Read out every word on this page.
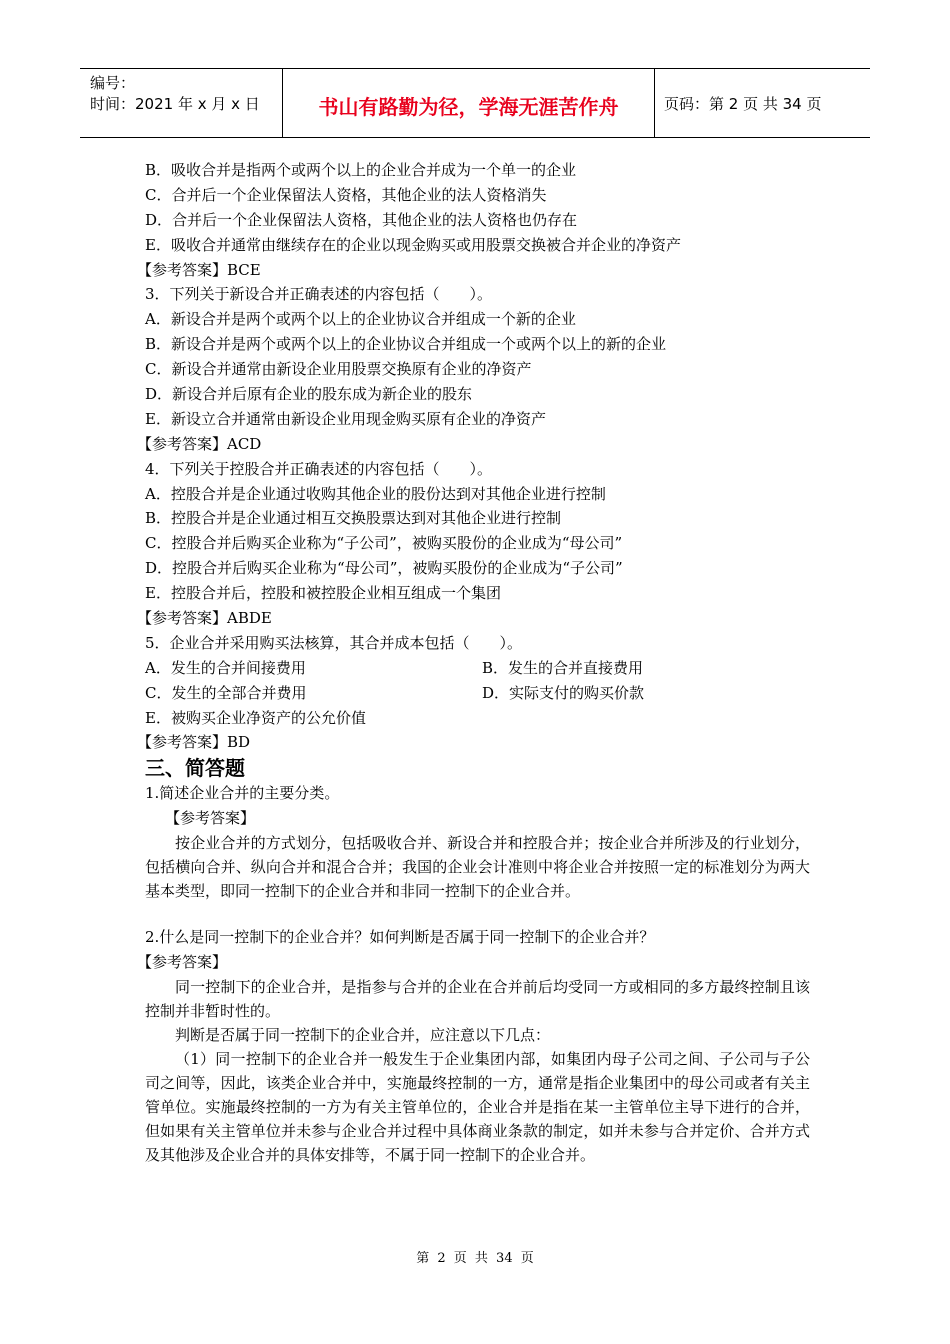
编号：
时间：2021 年 x 月 x 日	书山有路勤为径，学海无涯苦作舟	页码：第 2 页 共 34 页
B．吸收合并是指两个或两个以上的企业合并成为一个单一的企业
C．合并后一个企业保留法人资格，其他企业的法人资格消失
D．合并后一个企业保留法人资格，其他企业的法人资格也仍存在
E．吸收合并通常由继续存在的企业以现金购买或用股票交换被合并企业的净资产
【参考答案】BCE
3．下列关于新设合并正确表述的内容包括（　　）。
A．新设合并是两个或两个以上的企业协议合并组成一个新的企业
B．新设合并是两个或两个以上的企业协议合并组成一个或两个以上的新的企业
C．新设合并通常由新设企业用股票交换原有企业的净资产
D．新设合并后原有企业的股东成为新企业的股东
E．新设立合并通常由新设企业用现金购买原有企业的净资产
【参考答案】ACD
4．下列关于控股合并正确表述的内容包括（　　）。
A．控股合并是企业通过收购其他企业的股份达到对其他企业进行控制
B．控股合并是企业通过相互交换股票达到对其他企业进行控制
C．控股合并后购买企业称为“子公司”，被购买股份的企业成为“母公司”
D．控股合并后购买企业称为“母公司”，被购买股份的企业成为“子公司”
E．控股合并后，控股和被控股企业相互组成一个集团
【参考答案】ABDE
5．企业合并采用购买法核算，其合并成本包括（　　）。
A．发生的合并间接费用	B．发生的合并直接费用
C．发生的全部合并费用	D．实际支付的购买价款
E．被购买企业净资产的公允价值
【参考答案】BD
三、简答题
1.简述企业合并的主要分类。
【参考答案】
按企业合并的方式划分，包括吸收合并、新设合并和控股合并；按企业合并所涉及的行业划分，包括横向合并、纵向合并和混合合并；我国的企业会计准则中将企业合并按照一定的标准划分为两大基本类型，即同一控制下的企业合并和非同一控制下的企业合并。
2.什么是同一控制下的企业合并？如何判断是否属于同一控制下的企业合并？
【参考答案】
同一控制下的企业合并，是指参与合并的企业在合并前后均受同一方或相同的多方最终控制且该控制并非暂时性的。
判断是否属于同一控制下的企业合并，应注意以下几点：
（1）同一控制下的企业合并一般发生于企业集团内部，如集团内母子公司之间、子公司与子公司之间等，因此，该类企业合并中，实施最终控制的一方，通常是指企业集团中的母公司或者有关主管单位。实施最终控制的一方为有关主管单位的，企业合并是指在某一主管单位主导下进行的合并，但如果有关主管单位并未参与企业合并过程中具体商业条款的制定，如并未参与合并定价、合并方式及其他涉及企业合并的具体安排等，不属于同一控制下的企业合并。
第 2 页 共 34 页
